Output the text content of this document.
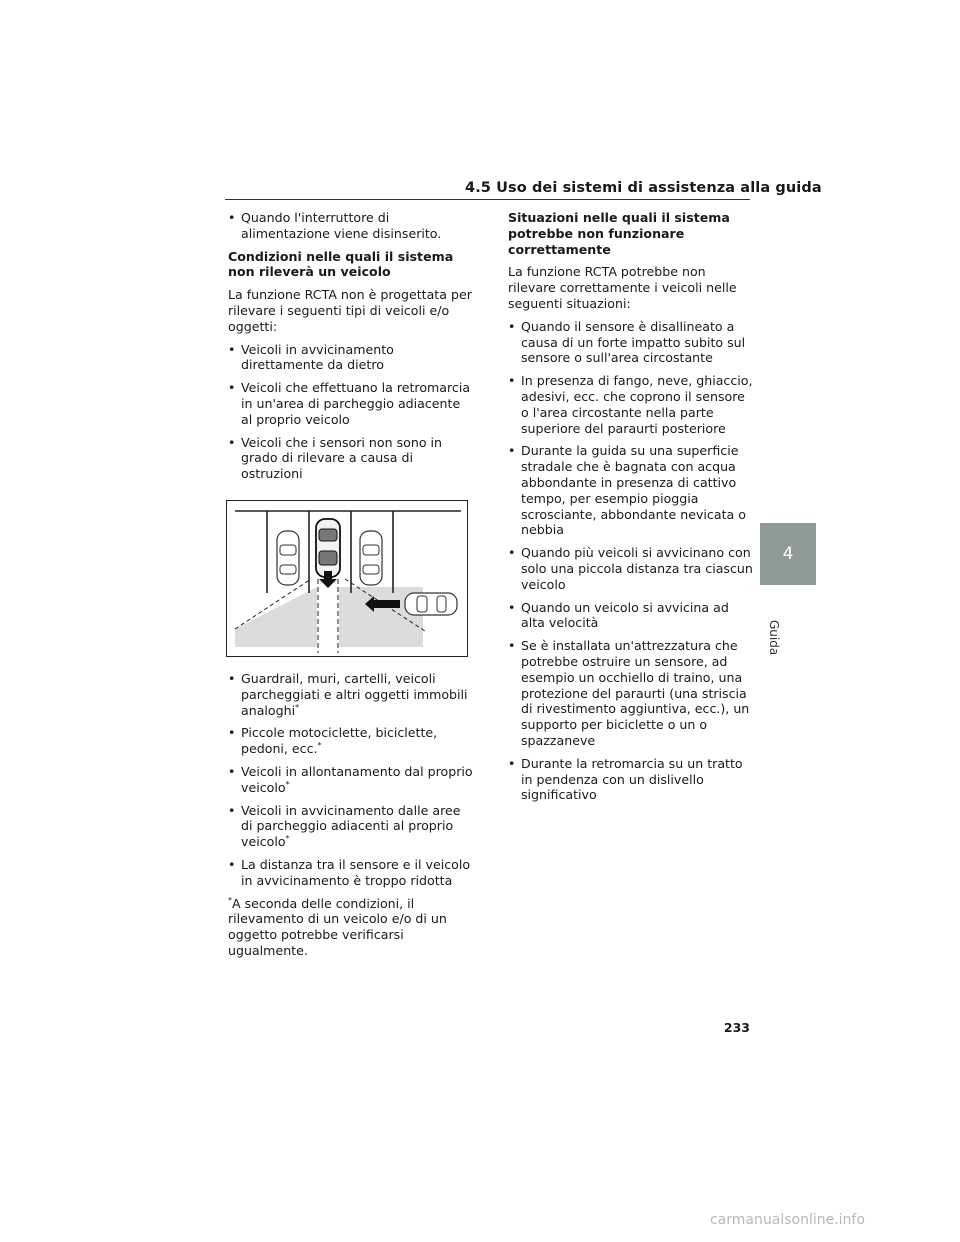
4.5 Uso dei sistemi di assistenza alla guida
• Quando l'interruttore di alimentazione viene disinserito.
Condizioni nelle quali il sistema non rileverà un veicolo
La funzione RCTA non è progettata per rilevare i seguenti tipi di veicoli e/o oggetti:
• Veicoli in avvicinamento direttamente da dietro
• Veicoli che effettuano la retromarcia in un'area di parcheggio adiacente al proprio veicolo
• Veicoli che i sensori non sono in grado di rilevare a causa di ostruzioni
• Guardrail, muri, cartelli, veicoli parcheggiati e altri oggetti immobili analoghi*
• Piccole motociclette, biciclette, pedoni, ecc.*
• Veicoli in allontanamento dal proprio veicolo*
• Veicoli in avvicinamento dalle aree di parcheggio adiacenti al proprio veicolo*
• La distanza tra il sensore e il veicolo in avvicinamento è troppo ridotta
*A seconda delle condizioni, il rilevamento di un veicolo e/o di un oggetto potrebbe verificarsi ugualmente.
Situazioni nelle quali il sistema potrebbe non funzionare correttamente
La funzione RCTA potrebbe non rilevare correttamente i veicoli nelle seguenti situazioni:
• Quando il sensore è disallineato a causa di un forte impatto subito sul sensore o sull'area circostante
• In presenza di fango, neve, ghiaccio, adesivi, ecc. che coprono il sensore o l'area circostante nella parte superiore del paraurti posteriore
• Durante la guida su una superficie stradale che è bagnata con acqua abbondante in presenza di cattivo tempo, per esempio pioggia scrosciante, abbondante nevicata o nebbia
• Quando più veicoli si avvicinano con solo una piccola distanza tra ciascun veicolo
• Quando un veicolo si avvicina ad alta velocità
• Se è installata un'attrezzatura che potrebbe ostruire un sensore, ad esempio un occhiello di traino, una protezione del paraurti (una striscia di rivestimento aggiuntiva, ecc.), un supporto per biciclette o un o spazzaneve
• Durante la retromarcia su un tratto in pendenza con un dislivello significativo
4
Guida
233
carmanualsonline.info
